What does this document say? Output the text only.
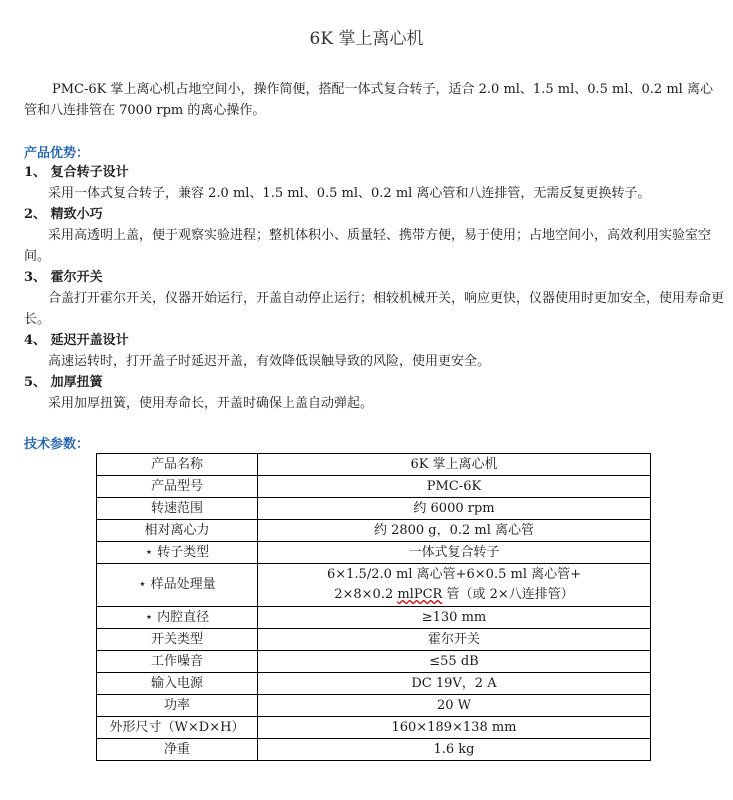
6K 掌上离心机
PMC-6K 掌上离心机占地空间小，操作简便，搭配一体式复合转子，适合 2.0 ml、1.5 ml、0.5 ml、0.2 ml 离心管和八连排管在 7000 rpm 的离心操作。
产品优势：
1、 复合转子设计
采用一体式复合转子，兼容 2.0 ml、1.5 ml、0.5 ml、0.2 ml 离心管和八连排管，无需反复更换转子。
2、 精致小巧
采用高透明上盖，便于观察实验进程；整机体积小、质量轻、携带方便，易于使用；占地空间小，高效利用实验室空间。
3、 霍尔开关
合盖打开霍尔开关，仪器开始运行，开盖自动停止运行；相较机械开关，响应更快，仪器使用时更加安全，使用寿命更长。
4、 延迟开盖设计
高速运转时，打开盖子时延迟开盖，有效降低误触导致的风险，使用更安全。
5、 加厚扭簧
采用加厚扭簧，使用寿命长，开盖时确保上盖自动弹起。
技术参数：
产品名称	6K 掌上离心机
产品型号	PMC-6K
转速范围	约 6000 rpm
相对离心力	约 2800 g，0.2 ml 离心管
⋆ 转子类型	一体式复合转子
⋆ 样品处理量	6×1.5/2.0 ml 离心管+6×0.5 ml 离心管+
2×8×0.2 mlPCR 管（或 2×八连排管）

⋆ 内腔直径	≥130 mm
开关类型	霍尔开关
工作噪音	≤55 dB
输入电源	DC 19V，2 A
功率	20 W
外形尺寸（W×D×H）	160×189×138 mm
净重	1.6 kg
